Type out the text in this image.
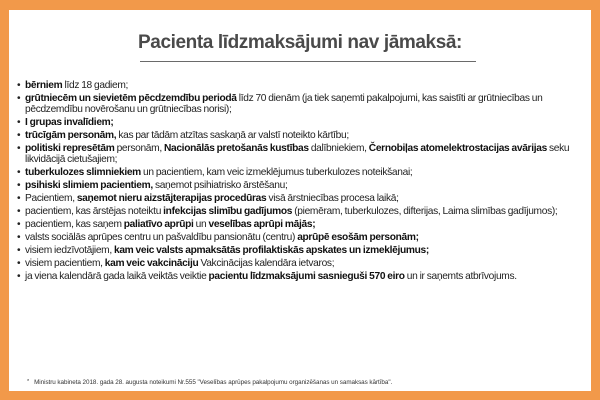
Pacienta līdzmaksājumi nav jāmaksā:
• bērniem līdz 18 gadiem;
• grūtniecēm un sievietēm pēcdzemdību periodā līdz 70 dienām (ja tiek saņemti pakalpojumi, kas saistīti ar grūtniecības un pēcdzemdību novērošanu un grūtniecības norisi);
• I grupas invalīdiem;
• trūcīgām personām, kas par tādām atzītas saskaņā ar valstī noteikto kārtību;
• politiski represētām personām, Nacionālās pretošanās kustības dalībniekiem, Černobiļas atomelektrostacijas avārijas seku likvidācijā cietušajiem;
• tuberkulozes slimniekiem un pacientiem, kam veic izmeklējumus tuberkulozes noteikšanai;
• psihiski slimiem pacientiem, saņemot psihiatrisko ārstēšanu;
• Pacientiem, saņemot nieru aizstājterapijas procedūras visā ārstniecības procesa laikā;
• pacientiem, kas ārstējas noteiktu infekcijas slimību gadījumos (piemēram, tuberkulozes, difterijas, Laima slimības gadījumos);
• pacientiem, kas saņem paliatīvo aprūpi un veselības aprūpi mājās;
• valsts sociālās aprūpes centru un pašvaldību pansionātu (centru) aprūpē esošām personām;
• visiem iedzīvotājiem, kam veic valsts apmaksātās profilaktiskās apskates un izmeklējumus;
• visiem pacientiem, kam veic vakcināciju Vakcinācijas kalendāra ietvaros;
• ja viena kalendārā gada laikā veiktās veiktie pacientu līdzmaksājumi sasnieguši 570 eiro un ir saņemts atbrīvojums.
* Ministru kabineta 2018. gada 28. augusta noteikumi Nr.555 "Veselības aprūpes pakalpojumu organizēšanas un samaksas kārtība".
